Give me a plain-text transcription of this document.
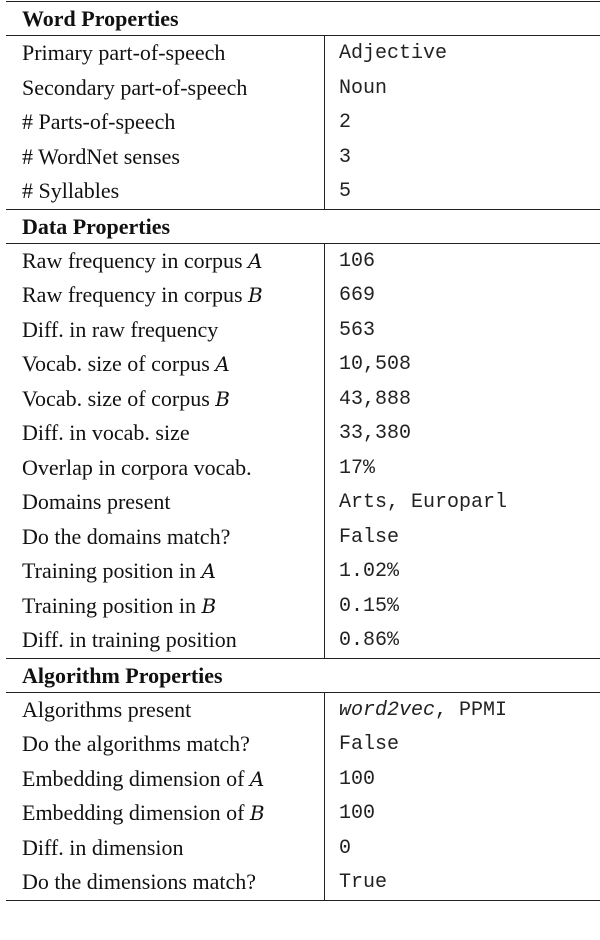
Word Properties
Primary part-of-speech	Adjective
Secondary part-of-speech	Noun
# Parts-of-speech	2
# WordNet senses	3
# Syllables	5
Data Properties
Raw frequency in corpus A	106
Raw frequency in corpus B	669
Diff. in raw frequency	563
Vocab. size of corpus A	10,508
Vocab. size of corpus B	43,888
Diff. in vocab. size	33,380
Overlap in corpora vocab.	17%
Domains present	Arts, Europarl
Do the domains match?	False
Training position in A	1.02%
Training position in B	0.15%
Diff. in training position	0.86%
Algorithm Properties
Algorithms present	word2vec, PPMI
Do the algorithms match?	False
Embedding dimension of A	100
Embedding dimension of B	100
Diff. in dimension	0
Do the dimensions match?	True
